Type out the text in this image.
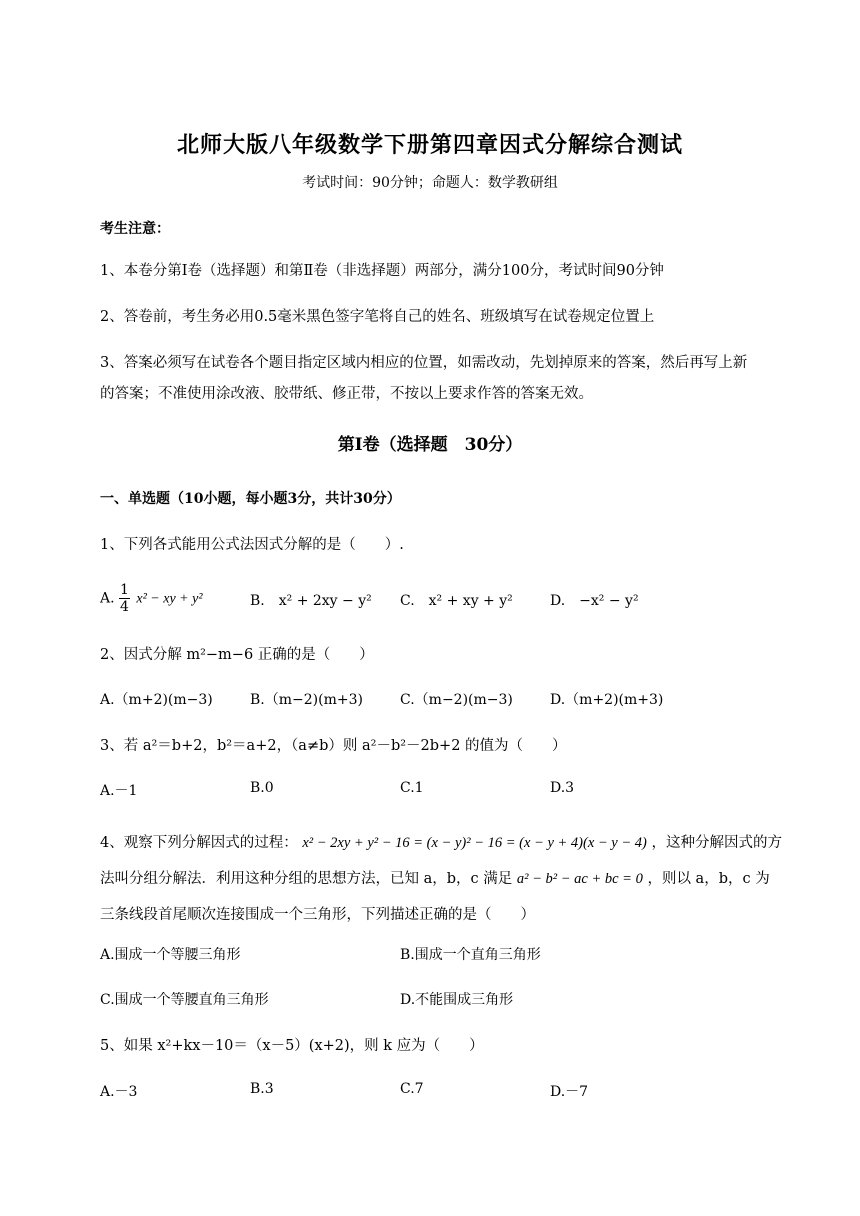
北师大版八年级数学下册第四章因式分解综合测试
考试时间：90分钟；命题人：数学教研组
考生注意：
1、本卷分第Ⅰ卷（选择题）和第Ⅱ卷（非选择题）两部分，满分100分，考试时间90分钟
2、答卷前，考生务必用0.5毫米黑色签字笔将自己的姓名、班级填写在试卷规定位置上
3、答案必须写在试卷各个题目指定区域内相应的位置，如需改动，先划掉原来的答案，然后再写上新的答案；不准使用涂改液、胶带纸、修正带，不按以上要求作答的答案无效。
第Ⅰ卷（选择题　30分）
一、单选题（10小题，每小题3分，共计30分）
1、下列各式能用公式法因式分解的是（　　）.
A. $\frac{1}{4} x^2$ − xy + y²	B.　x² + 2xy − y² C.　x² + xy + y²	D.　−x² − y²
2、因式分解 m²−m−6 正确的是（　　）
A.（m+2)(m−3)	B.（m−2)(m+3)	C.（m−2)(m−3)	D.（m+2)(m+3)
3、若 a²＝b+2，b²＝a+2，（a≠b）则 a²－b²－2b+2 的值为（　　）
A.－1	B.0	C.1	D.3
4、观察下列分解因式的过程： x² − 2xy + y² − 16 = (x − y)² − 16 = (x − y + 4)(x − y − 4) ，这种分解因式的方
法叫分组分解法．利用这种分组的思想方法，已知 a，b，c 满足 a² − b² − ac + bc = 0 ，则以 a，b，c 为
三条线段首尾顺次连接围成一个三角形，下列描述正确的是（　　）
A.围成一个等腰三角形	B.围成一个直角三角形
C.围成一个等腰直角三角形	D.不能围成三角形
5、如果 x²+kx－10＝（x－5）(x+2)，则 k 应为（　　）
A.－3	B.3	C.7	D.－7
